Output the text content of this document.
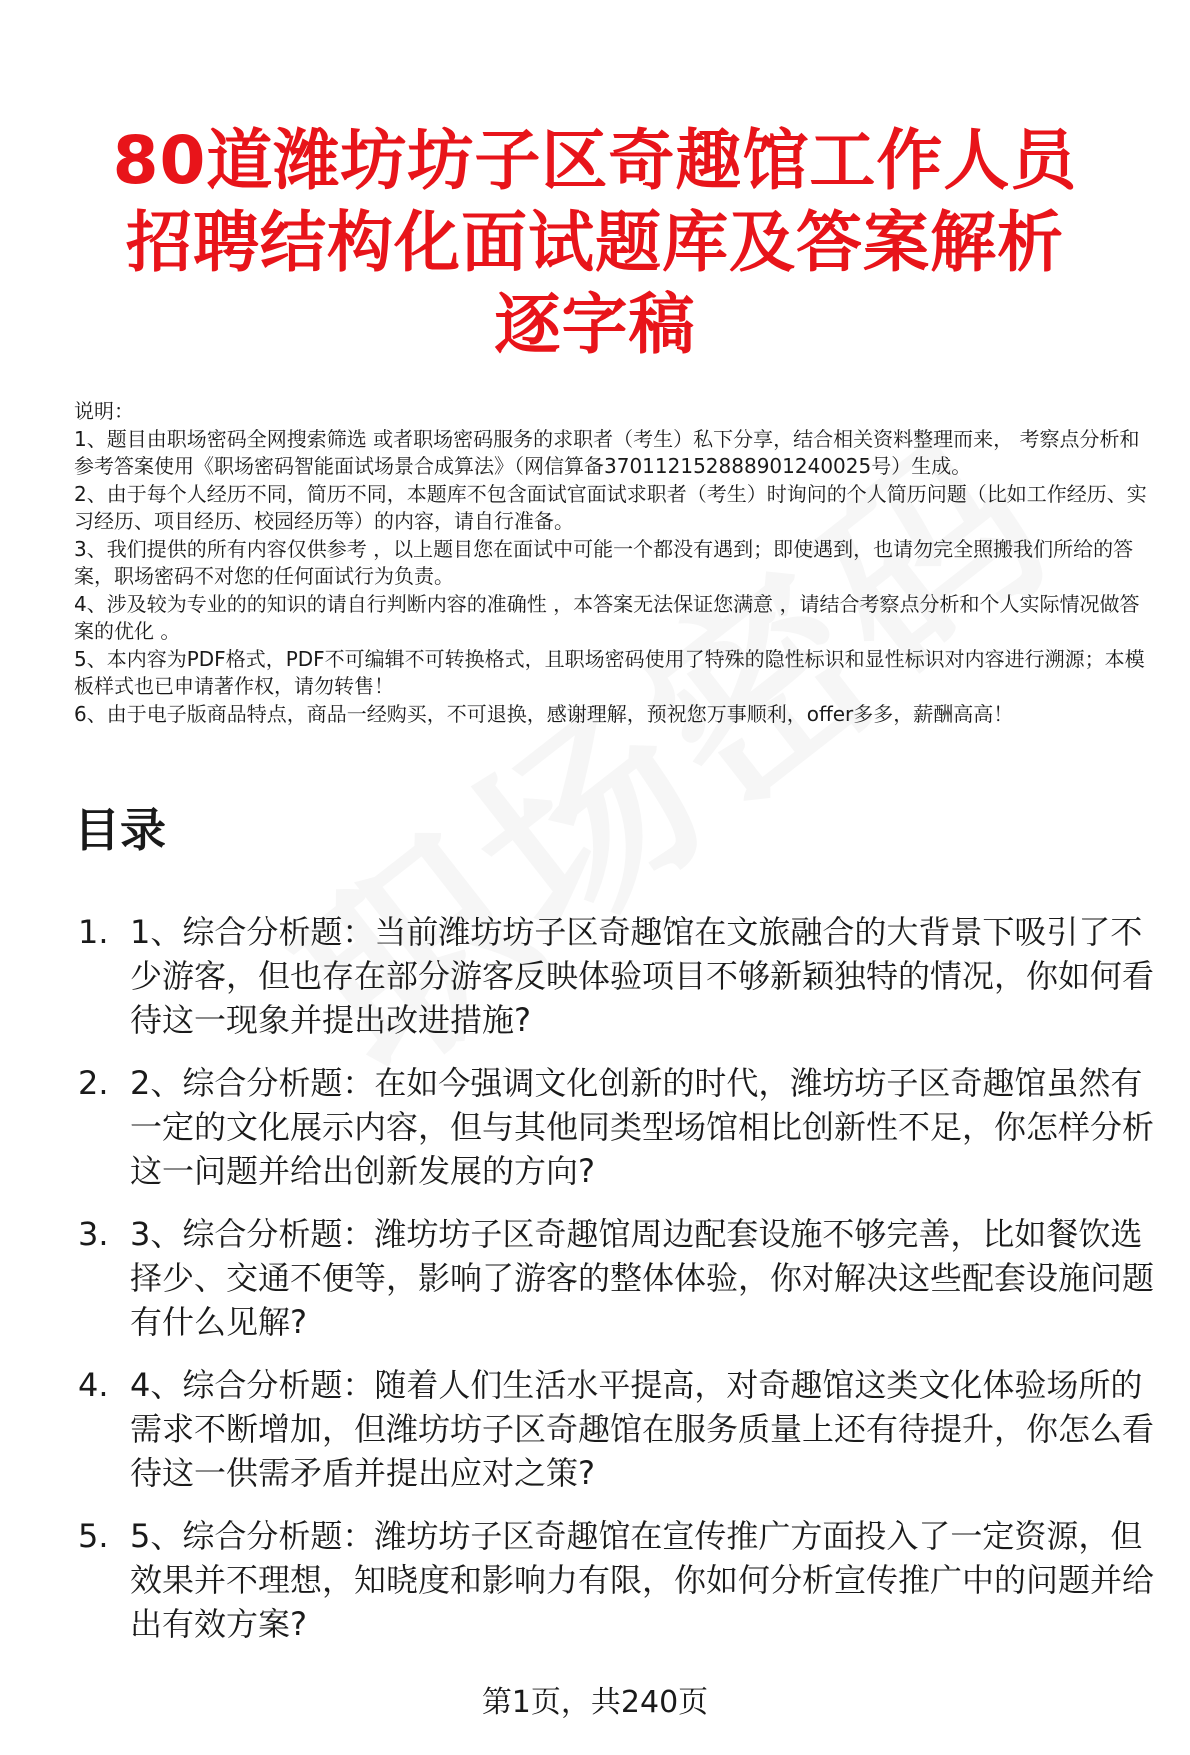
80道潍坊坊子区奇趣馆工作人员招聘结构化面试题库及答案解析逐字稿

说明：

1、题目由职场密码全网搜索筛选 或者职场密码服务的求职者（考生）私下分享，结合相关资料整理而来， 考察点分析和参考答案使用《职场密码智能面试场景合成算法》（网信算备370112152888901240025号）生成。

2、由于每个人经历不同，简历不同，本题库不包含面试官面试求职者（考生）时询问的个人简历问题（比如工作经历、实习经历、项目经历、校园经历等）的内容，请自行准备。

3、我们提供的所有内容仅供参考 ，以上题目您在面试中可能一个都没有遇到；即使遇到，也请勿完全照搬我们所给的答案，职场密码不对您的任何面试行为负责。

4、涉及较为专业的的知识的请自行判断内容的准确性 ，本答案无法保证您满意 ，请结合考察点分析和个人实际情况做答案的优化 。

5、本内容为PDF格式，PDF不可编辑不可转换格式，且职场密码使用了特殊的隐性标识和显性标识对内容进行溯源；本模板样式也已申请著作权，请勿转售！

6、由于电子版商品特点，商品一经购买，不可退换，感谢理解，预祝您万事顺利，offer多多，薪酬高高！

目录
1. 1、综合分析题：当前潍坊坊子区奇趣馆在文旅融合的大背景下吸引了不少游客，但也存在部分游客反映体验项目不够新颖独特的情况，你如何看待这一现象并提出改进措施?
2. 2、综合分析题：在如今强调文化创新的时代，潍坊坊子区奇趣馆虽然有一定的文化展示内容，但与其他同类型场馆相比创新性不足，你怎样分析这一问题并给出创新发展的方向?
3. 3、综合分析题：潍坊坊子区奇趣馆周边配套设施不够完善，比如餐饮选择少、交通不便等，影响了游客的整体体验，你对解决这些配套设施问题有什么见解?
4. 4、综合分析题：随着人们生活水平提高，对奇趣馆这类文化体验场所的需求不断增加，但潍坊坊子区奇趣馆在服务质量上还有待提升，你怎么看待这一供需矛盾并提出应对之策?
5. 5、综合分析题：潍坊坊子区奇趣馆在宣传推广方面投入了一定资源，但效果并不理想，知晓度和影响力有限，你如何分析宣传推广中的问题并给出有效方案?
第1页，共240页
